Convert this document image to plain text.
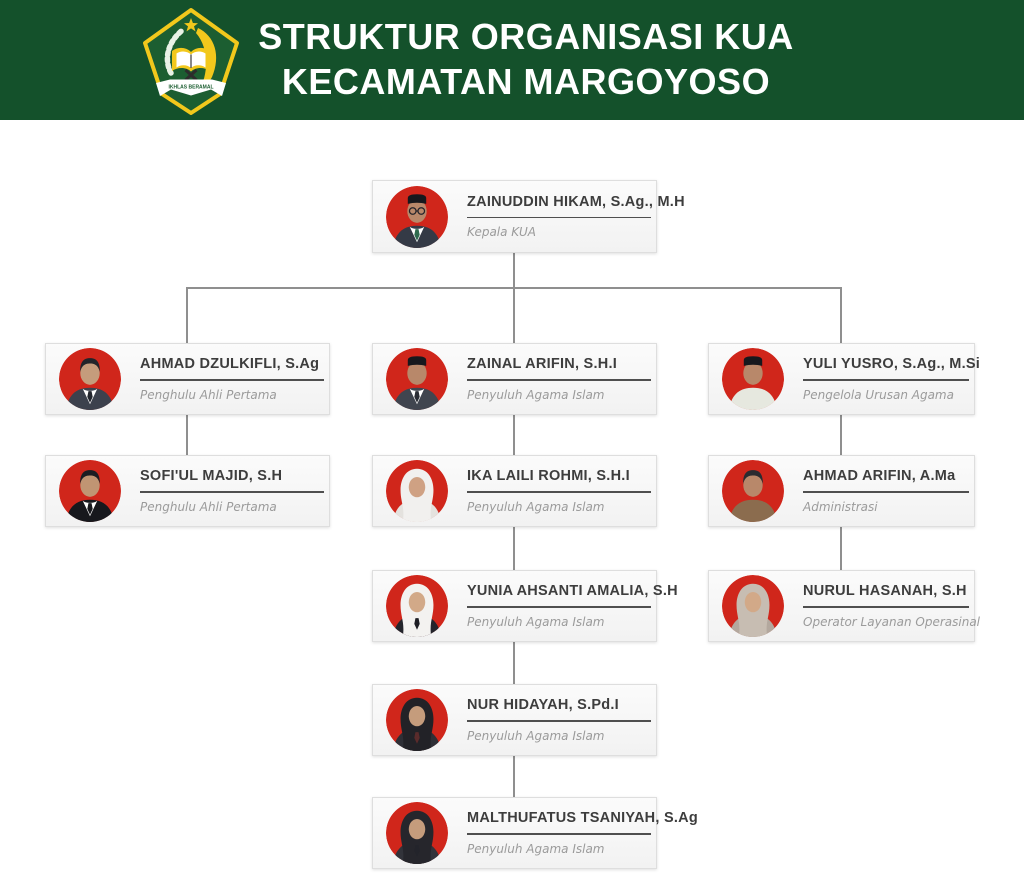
IKHLAS BERAMAL
STRUKTUR ORGANISASI KUA
KECAMATAN MARGOYOSO
ZAINUDDIN HIKAM, S.Ag., M.H
Kepala KUA
AHMAD DZULKIFLI, S.Ag
Penghulu Ahli Pertama
SOFI'UL MAJID, S.H
Penghulu Ahli Pertama
ZAINAL ARIFIN, S.H.I
Penyuluh Agama Islam
IKA LAILI ROHMI, S.H.I
Penyuluh Agama Islam
YUNIA AHSANTI AMALIA, S.H
Penyuluh Agama Islam
NUR HIDAYAH, S.Pd.I
Penyuluh Agama Islam
MALTHUFATUS TSANIYAH, S.Ag
Penyuluh Agama Islam
YULI YUSRO, S.Ag., M.Si
Pengelola Urusan Agama
AHMAD ARIFIN, A.Ma
Administrasi
NURUL HASANAH, S.H
Operator Layanan Operasinal
